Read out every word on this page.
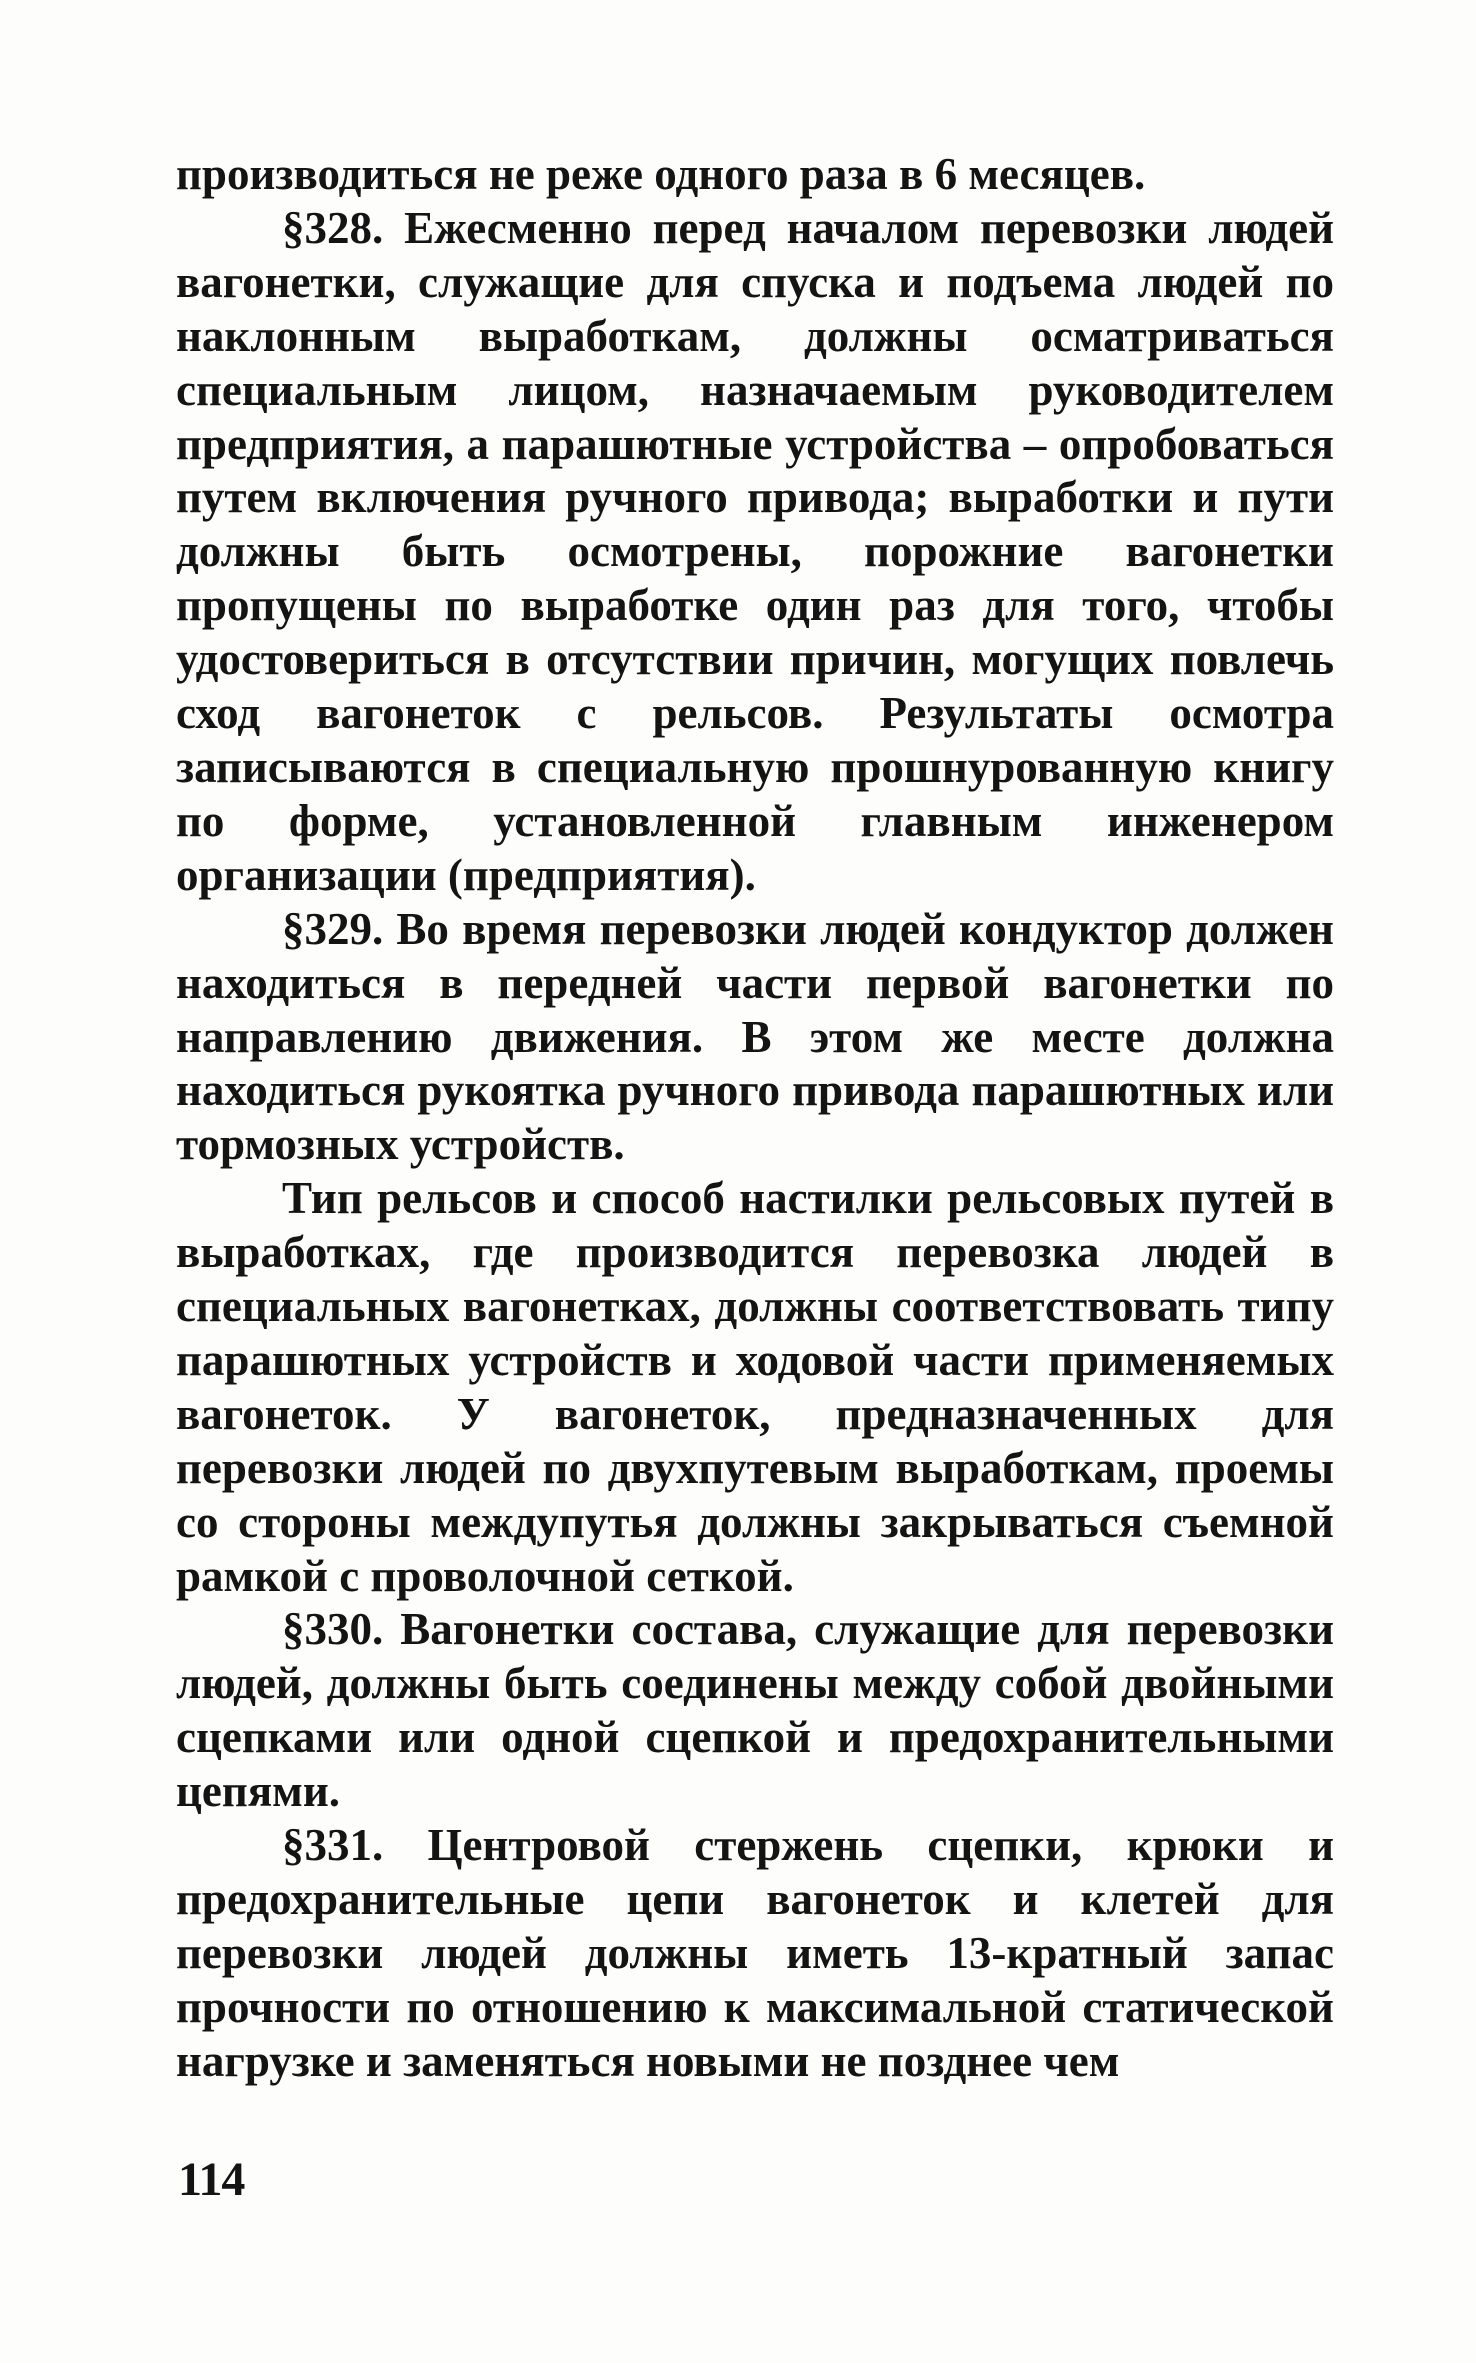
производиться не реже одного раза в 6 месяцев.

§328. Ежесменно перед началом перевозки людей вагонетки, служащие для спуска и подъема людей по наклонным выработкам, должны осматриваться специальным лицом, назначаемым руководителем предприятия, а парашютные устройства – опробоваться путем включения ручного привода; выработки и пути должны быть осмотрены, порожние вагонетки пропущены по выработке один раз для того, чтобы удостовериться в отсутствии причин, могущих повлечь сход вагонеток с рельсов. Результаты осмотра записываются в специальную прошнурованную книгу по форме, установленной главным инженером организации (предприятия).

§329. Во время перевозки людей кондуктор должен находиться в передней части первой вагонетки по направлению движения. В этом же месте должна находиться рукоятка ручного привода парашютных или тормозных устройств.

Тип рельсов и способ настилки рельсовых путей в выработках, где производится перевозка людей в специальных вагонетках, должны соответствовать типу парашютных устройств и ходовой части применяемых вагонеток. У вагонеток, предназначенных для перевозки людей по двухпутевым выработкам, проемы со стороны междупутья должны закрываться съемной рамкой с проволочной сеткой.

§330. Вагонетки состава, служащие для перевозки людей, должны быть соединены между собой двойными сцепками или одной сцепкой и предохранительными цепями.

§331. Центровой стержень сцепки, крюки и предохранительные цепи вагонеток и клетей для перевозки людей должны иметь 13-кратный запас прочности по отношению к максимальной статической нагрузке и заменяться новыми не позднее чем

114
